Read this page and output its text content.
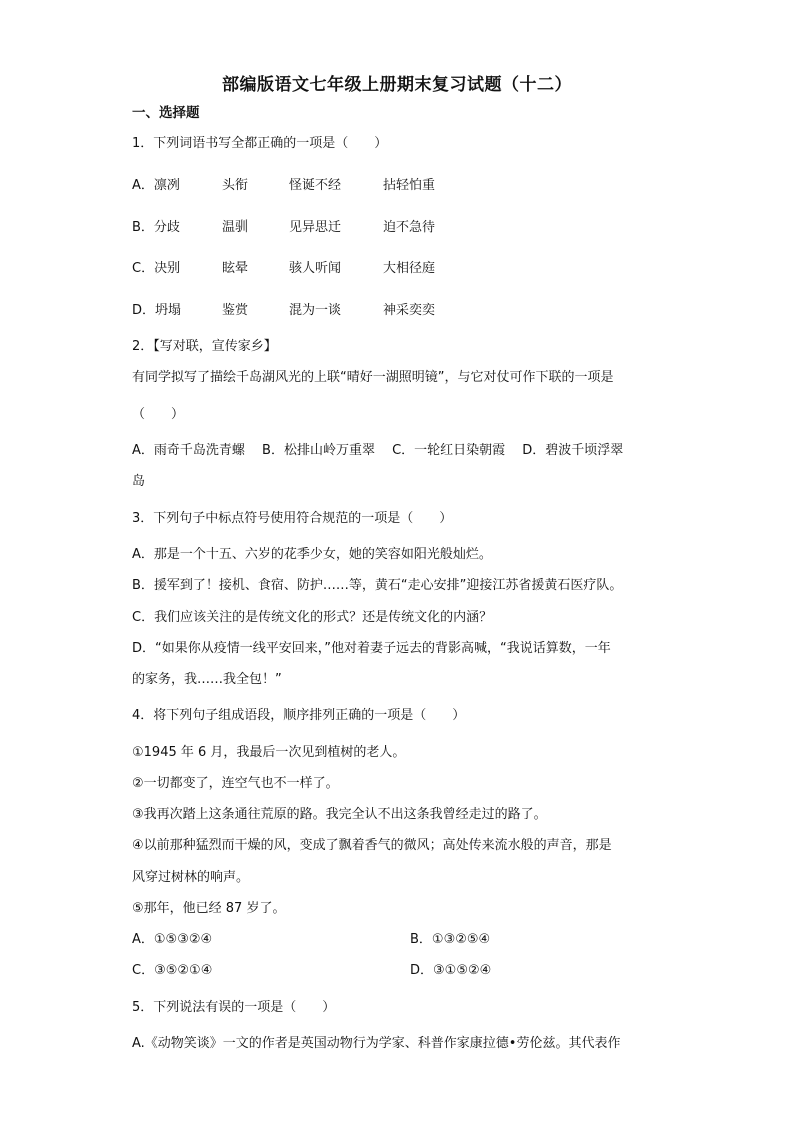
部编版语文七年级上册期末复习试题（十二）
一、选择题
1．下列词语书写全都正确的一项是（　　）
A．凛冽	头衔	怪诞不经	拈轻怕重
B．分歧	温驯	见异思迁	迫不急待
C．决别	眩晕	骇人听闻	大相径庭
D．坍塌	鉴赏	混为一谈	神采奕奕
2．【写对联，宣传家乡】
有同学拟写了描绘千岛湖风光的上联“晴好一湖照明镜”，与它对仗可作下联的一项是
（　　）
A．雨奇千岛洗青螺　 B．松排山岭万重翠　 C．一轮红日染朝霞　 D．碧波千顷浮翠
岛
3．下列句子中标点符号使用符合规范的一项是（　　）
A．那是一个十五、六岁的花季少女，她的笑容如阳光般灿烂。
B．援军到了！接机、食宿、防护……等，黄石“走心安排”迎接江苏省援黄石医疗队。
C．我们应该关注的是传统文化的形式？还是传统文化的内涵？
D．“如果你从疫情一线平安回来，”他对着妻子远去的背影高喊，“我说话算数，一年
的家务，我……我全包！”
4．将下列句子组成语段，顺序排列正确的一项是（　　）
①1945 年 6 月，我最后一次见到植树的老人。
②一切都变了，连空气也不一样了。
③我再次踏上这条通往荒原的路。我完全认不出这条我曾经走过的路了。
④以前那种猛烈而干燥的风，变成了飘着香气的微风；高处传来流水般的声音，那是
风穿过树林的响声。
⑤那年，他已经 87 岁了。
A．①⑤③②④	B．①③②⑤④
C．③⑤②①④	D．③①⑤②④
5．下列说法有误的一项是（　　）
A.《动物笑谈》一文的作者是英国动物行为学家、科普作家康拉德•劳伦兹。其代表作
